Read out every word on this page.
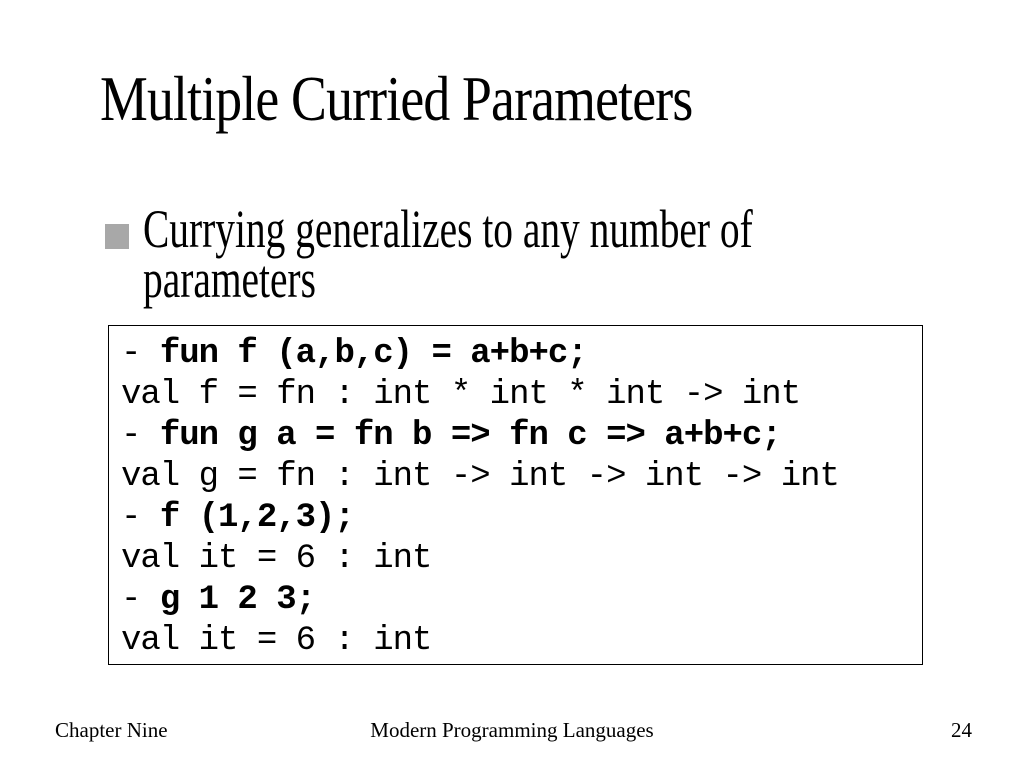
Multiple Curried Parameters
Currying generalizes to any number of parameters
- fun f (a,b,c) = a+b+c;
val f = fn : int * int * int -> int
- fun g a = fn b => fn c => a+b+c;
val g = fn : int -> int -> int -> int
- f (1,2,3);
val it = 6 : int
- g 1 2 3;
val it = 6 : int
Modern Programming Languages
Chapter Nine	24
